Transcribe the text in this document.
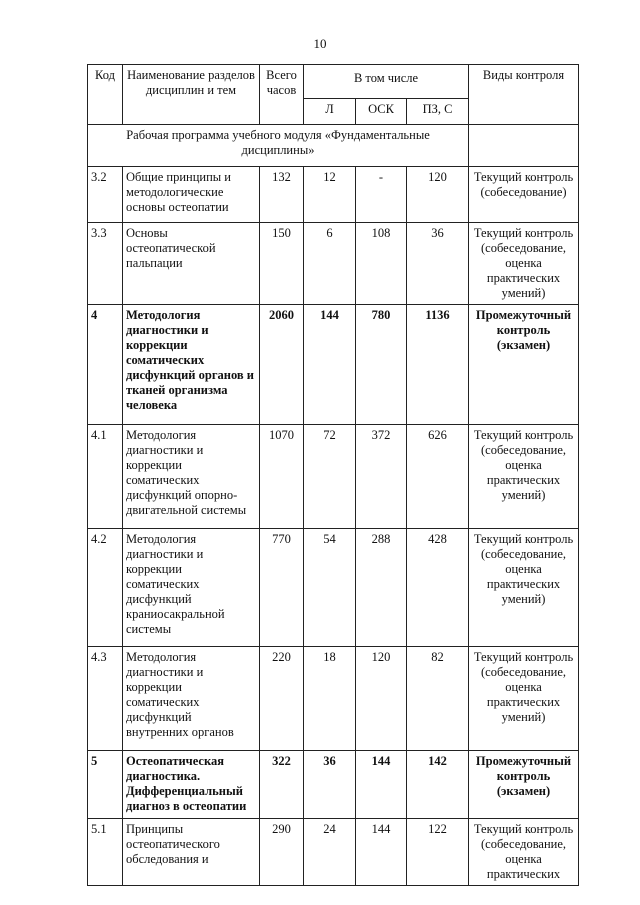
10
Код	Наименование разделов дисциплин и тем	Всего часов	В том числе			Виды контроля
			Л	ОСК	ПЗ, С	
Рабочая программа учебного модуля «Фундаментальные дисциплины»						
3.2	Общие принципы и методологические основы остеопатии	132	12	-	120	Текущий контроль (собеседование)
3.3	Основы остеопатической пальпации	150	6	108	36	Текущий контроль (собеседование, оценка практических умений)
4	Методология диагностики и коррекции соматических дисфункций органов и тканей организма человека	2060	144	780	1136	Промежуточный контроль (экзамен)
4.1	Методология диагностики и коррекции соматических дисфункций опорно-двигательной системы	1070	72	372	626	Текущий контроль (собеседование, оценка практических умений)
4.2	Методология диагностики и коррекции соматических дисфункций краниосакральной системы	770	54	288	428	Текущий контроль (собеседование, оценка практических умений)
4.3	Методология диагностики и коррекции соматических дисфункций внутренних органов	220	18	120	82	Текущий контроль (собеседование, оценка практических умений)
5	Остеопатическая диагностика. Дифференциальный диагноз в остеопатии	322	36	144	142	Промежуточный контроль (экзамен)
5.1	Принципы остеопатического обследования и	290	24	144	122	Текущий контроль (собеседование, оценка практических
